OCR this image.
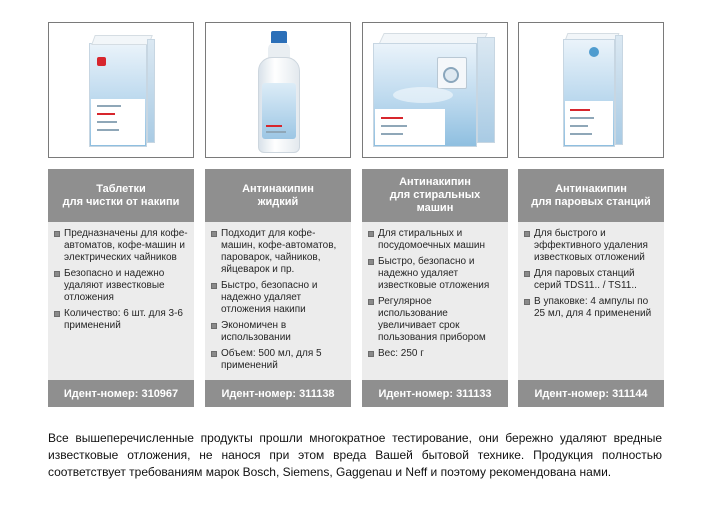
Таблетки
для чистки от накипи
Предназначены для кофе-автоматов, кофе-машин и электрических чайников
Безопасно и надежно удаляют известковые отложения
Количество: 6 шт. для 3-6 применений
Идент-номер:
310967
Антинакипин
жидкий
Подходит для кофе-машин, кофе-автоматов, пароварок, чайников, яйцеварок и пр.
Быстро, безопасно и надежно удаляет отложения накипи
Экономичен в использовании
Объем: 500 мл, для 5 применений
Идент-номер:
311138
Антинакипин
для стиральных
машин
Для стиральных и посудомоечных машин
Быстро, безопасно и надежно удаляет известковые отложения
Регулярное использование увеличивает срок пользования прибором
Вес: 250 г
Идент-номер:
311133
Антинакипин
для паровых станций
Для быстрого и эффективного удаления известковых отложений
Для паровых станций серий TDS11.. / TS11..
В упаковке: 4 ампулы по 25 мл, для 4 применений
Идент-номер:
311144

Все вышеперечисленные продукты прошли многократное тестирование, они бережно удаляют вредные известковые отложения, не нанося при этом вреда Вашей бытовой технике. Продукция полностью соответствует требованиям марок Bosch, Siemens, Gaggenau и Neff и поэтому рекомендована нами.
